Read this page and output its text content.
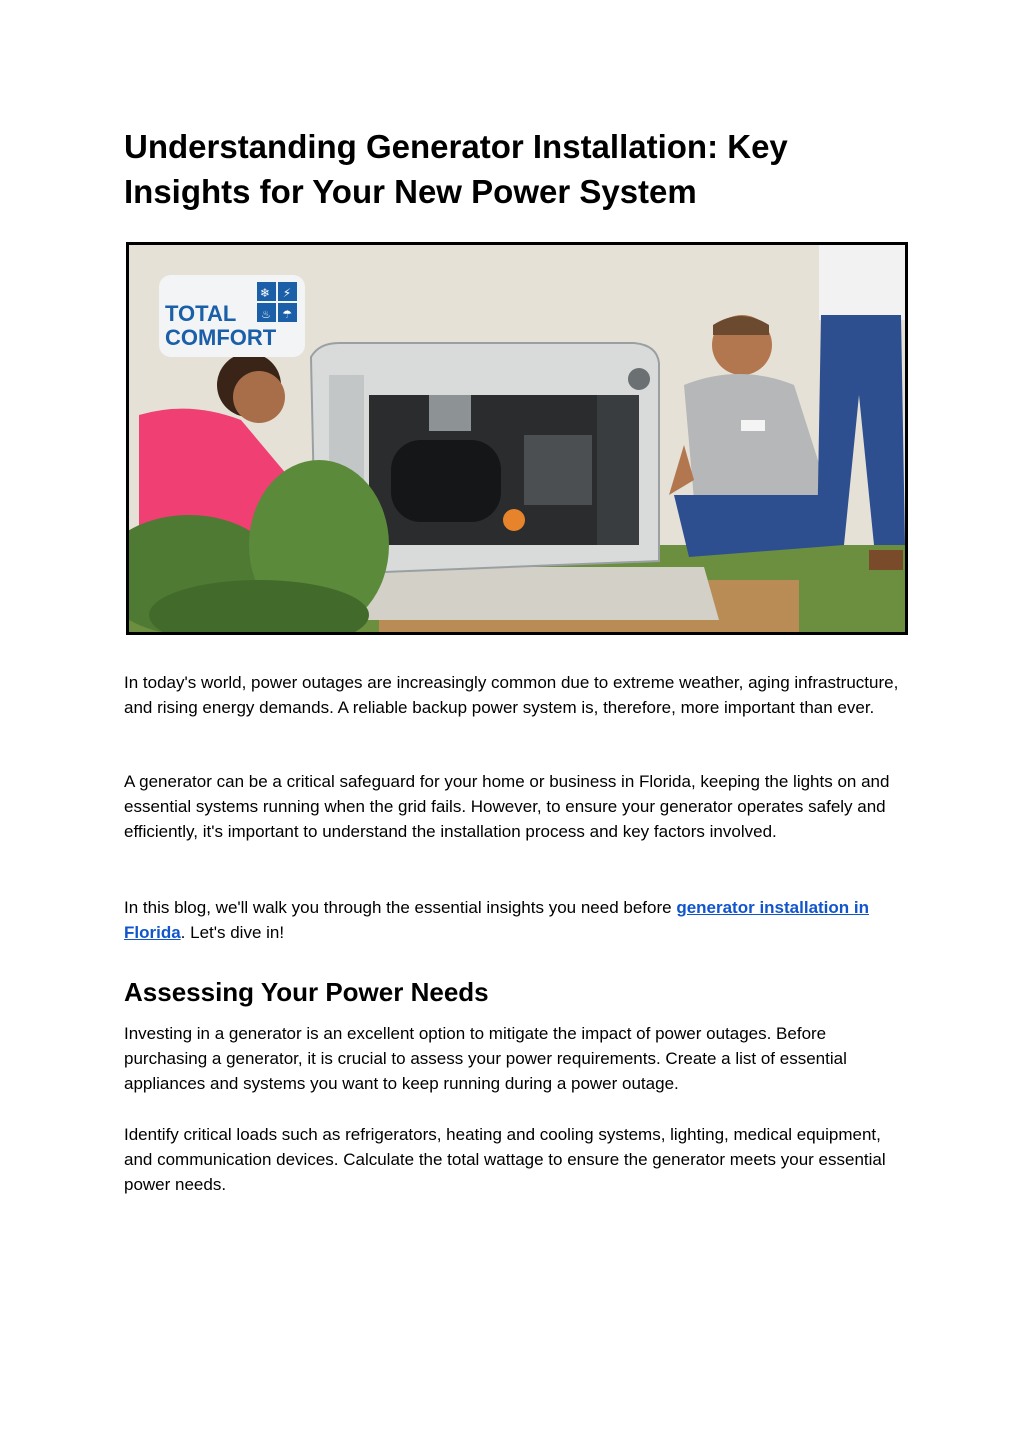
Understanding Generator Installation: Key Insights for Your New Power System
❄ ⚡
♨ ☂
TOTAL
COMFORT

In today's world, power outages are increasingly common due to extreme weather, aging infrastructure, and rising energy demands. A reliable backup power system is, therefore, more important than ever.

A generator can be a critical safeguard for your home or business in Florida, keeping the lights on and essential systems running when the grid fails. However, to ensure your generator operates safely and efficiently, it's important to understand the installation process and key factors involved.

In this blog, we'll walk you through the essential insights you need before generator installation in Florida. Let's dive in!

Assessing Your Power Needs

Investing in a generator is an excellent option to mitigate the impact of power outages. Before purchasing a generator, it is crucial to assess your power requirements. Create a list of essential appliances and systems you want to keep running during a power outage.

Identify critical loads such as refrigerators, heating and cooling systems, lighting, medical equipment, and communication devices. Calculate the total wattage to ensure the generator meets your essential power needs.
